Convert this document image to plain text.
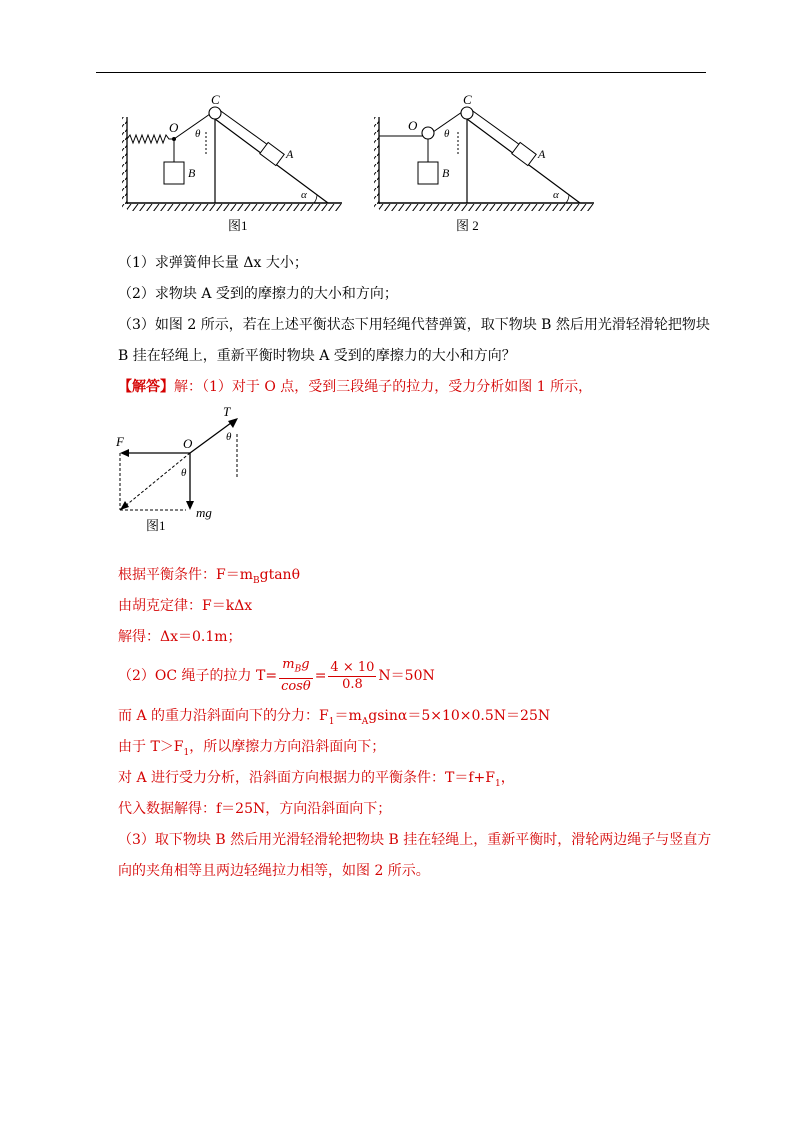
C
O θ
A
B
α
图1
C
O
θ
A
B
α
图 2
（1）求弹簧伸长量 Δx 大小；
（2）求物块 A 受到的摩擦力的大小和方向；
（3）如图 2 所示，若在上述平衡状态下用轻绳代替弹簧，取下物块 B 然后用光滑轻滑轮把物块
B 挂在轻绳上，重新平衡时物块 A 受到的摩擦力的大小和方向？
【解答】解：（1）对于 O 点，受到三段绳子的拉力，受力分析如图 1 所示，
T
θ
F	O
θ
mg
图1
根据平衡条件：$F=m_Bgtan\theta$
由胡克定律：F＝kΔx
解得：Δx＝0.1m；
（2）OC 绳子的拉力 $T= \frac{m_Bg}{\cos\theta} = \frac{4 \times 10}{0.8} N=50N$
而 A 的重力沿斜面向下的分力：$F_1=m_Agsin\alpha=5\times 10\times 0.5N=25N$
由于 $T>F_1$，所以摩擦力方向沿斜面向下；
对 A 进行受力分析，沿斜面方向根据力的平衡条件：$T=f+F_1$，
代入数据解得：f＝25N，方向沿斜面向下；
（3）取下物块 B 然后用光滑轻滑轮把物块 B 挂在轻绳上，重新平衡时，滑轮两边绳子与竖直方
向的夹角相等且两边轻绳拉力相等，如图 2 所示。
